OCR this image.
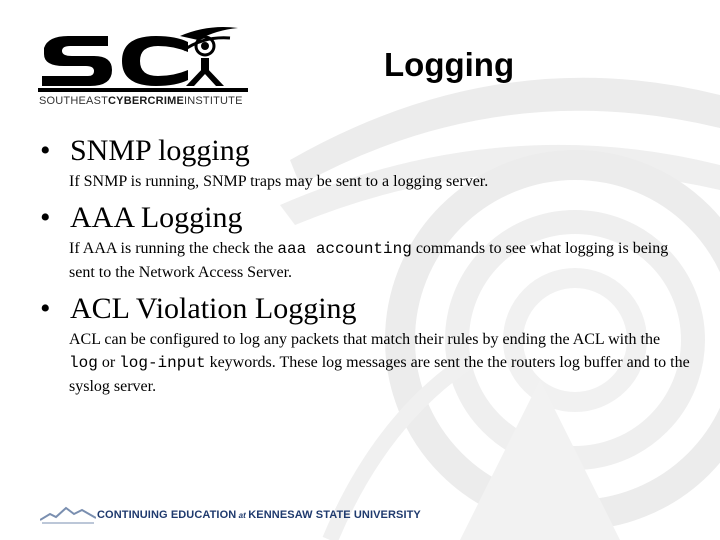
SOUTHEASTCYBERCRIMEINSTITUTE
Logging
• SNMP logging
If SNMP is running, SNMP traps may be sent to a logging server.
• AAA Logging
If AAA is running the check the aaa accounting commands to see what logging is being sent to the Network Access Server.
• ACL Violation Logging
ACL can be configured to log any packets that match their rules by ending the ACL with the log or log-input keywords. These log messages are sent the the routers log buffer and to the syslog server.
CONTINUING EDUCATION at KENNESAW STATE UNIVERSITY
